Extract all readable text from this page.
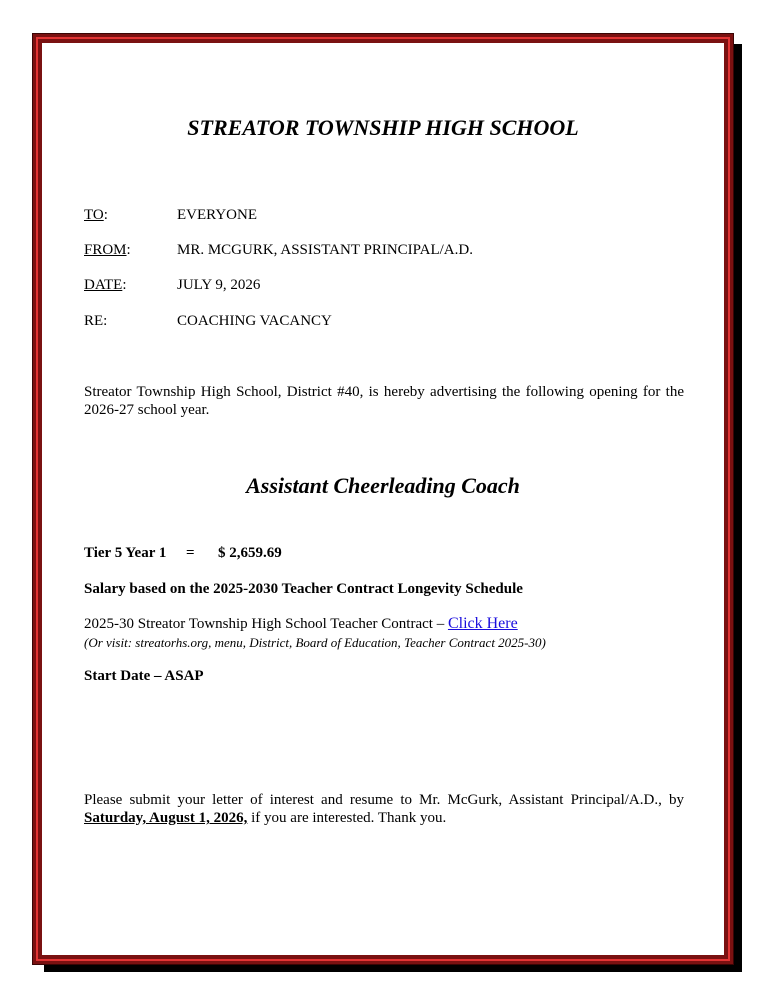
STREATOR TOWNSHIP HIGH SCHOOL
TO:	EVERYONE
FROM:	MR. MCGURK, ASSISTANT PRINCIPAL/A.D.
DATE:	JULY 9, 2026
RE:	COACHING VACANCY
Streator Township High School, District #40, is hereby advertising the following opening for the 2026-27 school year.
Assistant Cheerleading Coach
Tier 5 Year 1 = $ 2,659.69
Salary based on the 2025-2030 Teacher Contract Longevity Schedule
2025-30 Streator Township High School Teacher Contract – Click Here
(Or visit: streatorhs.org, menu, District, Board of Education, Teacher Contract 2025-30)
Start Date – ASAP
Please submit your letter of interest and resume to Mr. McGurk, Assistant Principal/A.D., by Saturday, August 1, 2026, if you are interested. Thank you.
